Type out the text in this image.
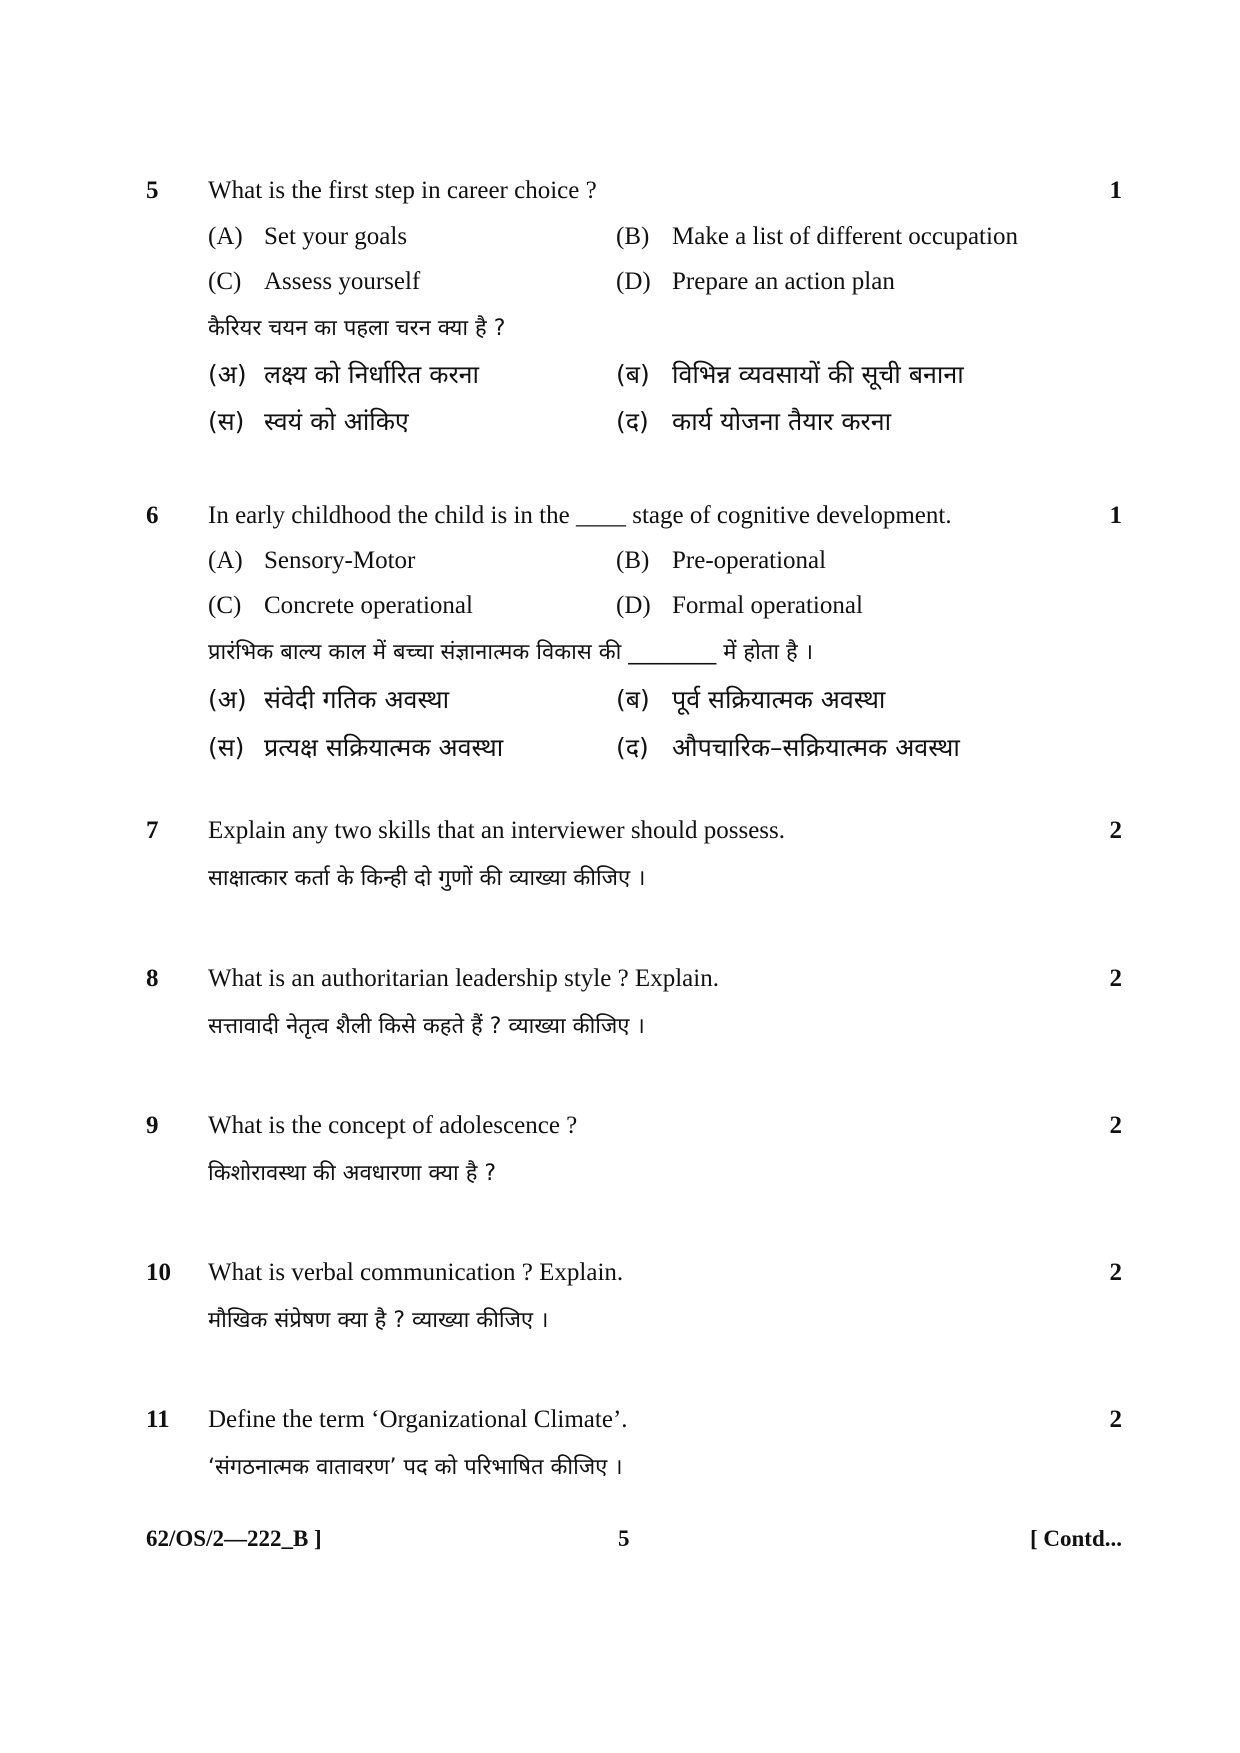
5 What is the first step in career choice ?	1
(A) Set your goals	(B) Make a list of different occupation
(C) Assess yourself	(D) Prepare an action plan
कैरियर चयन का पहला चरन क्या है ?
(अ) लक्ष्य को निर्धारित करना	(ब) विभिन्न व्यवसायों की सूची बनाना
(स) स्वयं को आंकिए	(द) कार्य योजना तैयार करना
6 In early childhood the child is in the ____ stage of cognitive development.	1
(A) Sensory-Motor	(B) Pre-operational
(C) Concrete operational	(D) Formal operational
प्रारंभिक बाल्य काल में बच्चा संज्ञानात्मक विकास की ________ में होता है ।
(अ) संवेदी गतिक अवस्था	(ब) पूर्व सक्रियात्मक अवस्था
(स) प्रत्यक्ष सक्रियात्मक अवस्था	(द) औपचारिक–सक्रियात्मक अवस्था
7 Explain any two skills that an interviewer should possess.	2
साक्षात्कार कर्ता के किन्ही दो गुणों की व्याख्या कीजिए ।
8 What is an authoritarian leadership style ? Explain.	2
सत्तावादी नेतृत्व शैली किसे कहते हैं ? व्याख्या कीजिए ।
9 What is the concept of adolescence ?	2
किशोरावस्था की अवधारणा क्या है ?
10 What is verbal communication ? Explain.	2
मौखिक संप्रेषण क्या है ? व्याख्या कीजिए ।
11 Define the term ‘Organizational Climate’.	2
‘संगठनात्मक वातावरण’ पद को परिभाषित कीजिए ।
62/OS/2—222_B ]	5	[ Contd...
